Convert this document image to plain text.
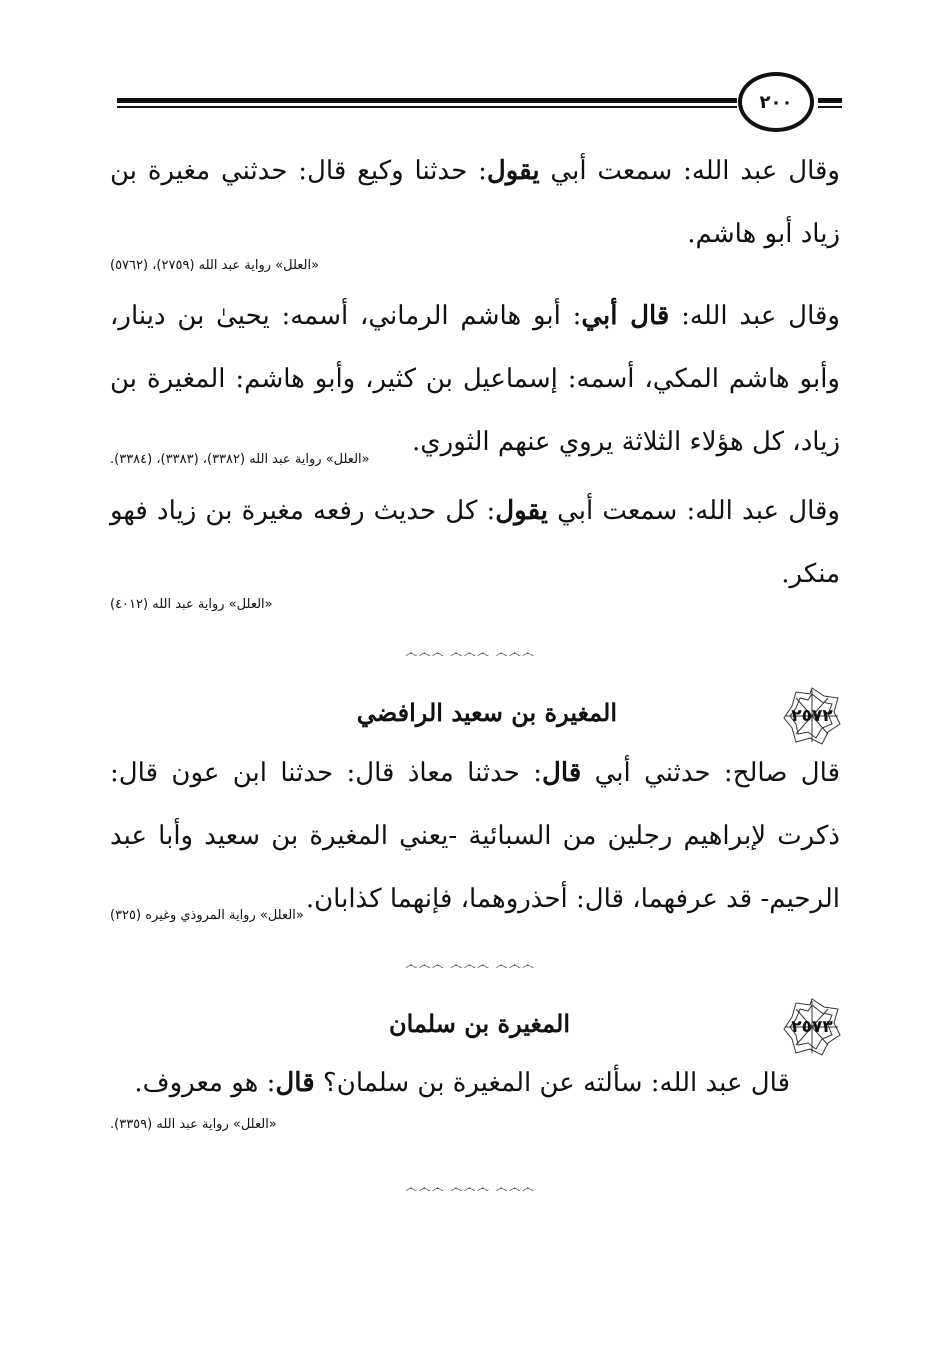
٢٠٠

وقال عبد الله: سمعت أبي يقول: حدثنا وكيع قال: حدثني مغيرة بن زياد أبو هاشم.

«العلل» رواية عبد الله (٢٧٥٩)، (٥٧٦٢)

وقال عبد الله: قال أبي: أبو هاشم الرماني، أسمه: يحيىٰ بن دينار، وأبو هاشم المكي، أسمه: إسماعيل بن كثير، وأبو هاشم: المغيرة بن زياد، كل هؤلاء الثلاثة يروي عنهم الثوري.

«العلل» رواية عبد الله (٣٣٨٢)، (٣٣٨٣)، (٣٣٨٤).

وقال عبد الله: سمعت أبي يقول: كل حديث رفعه مغيرة بن زياد فهو منكر.

«العلل» رواية عبد الله (٤٠١٢)

෴෴෴ ෴෴෴ ෴෴෴
٢٥٧٢
المغيرة بن سعيد الرافضي

قال صالح: حدثني أبي قال: حدثنا معاذ قال: حدثنا ابن عون قال: ذكرت لإبراهيم رجلين من السبائية -يعني المغيرة بن سعيد وأبا عبد الرحيم- قد عرفهما، قال: أحذروهما، فإنهما كذابان.

«العلل» رواية المروذي وغيره (٣٢٥)

෴෴෴ ෴෴෴ ෴෴෴
٢٥٧٣
المغيرة بن سلمان

قال عبد الله: سألته عن المغيرة بن سلمان؟ قال: هو معروف.

«العلل» رواية عبد الله (٣٣٥٩).

෴෴෴ ෴෴෴ ෴෴෴
